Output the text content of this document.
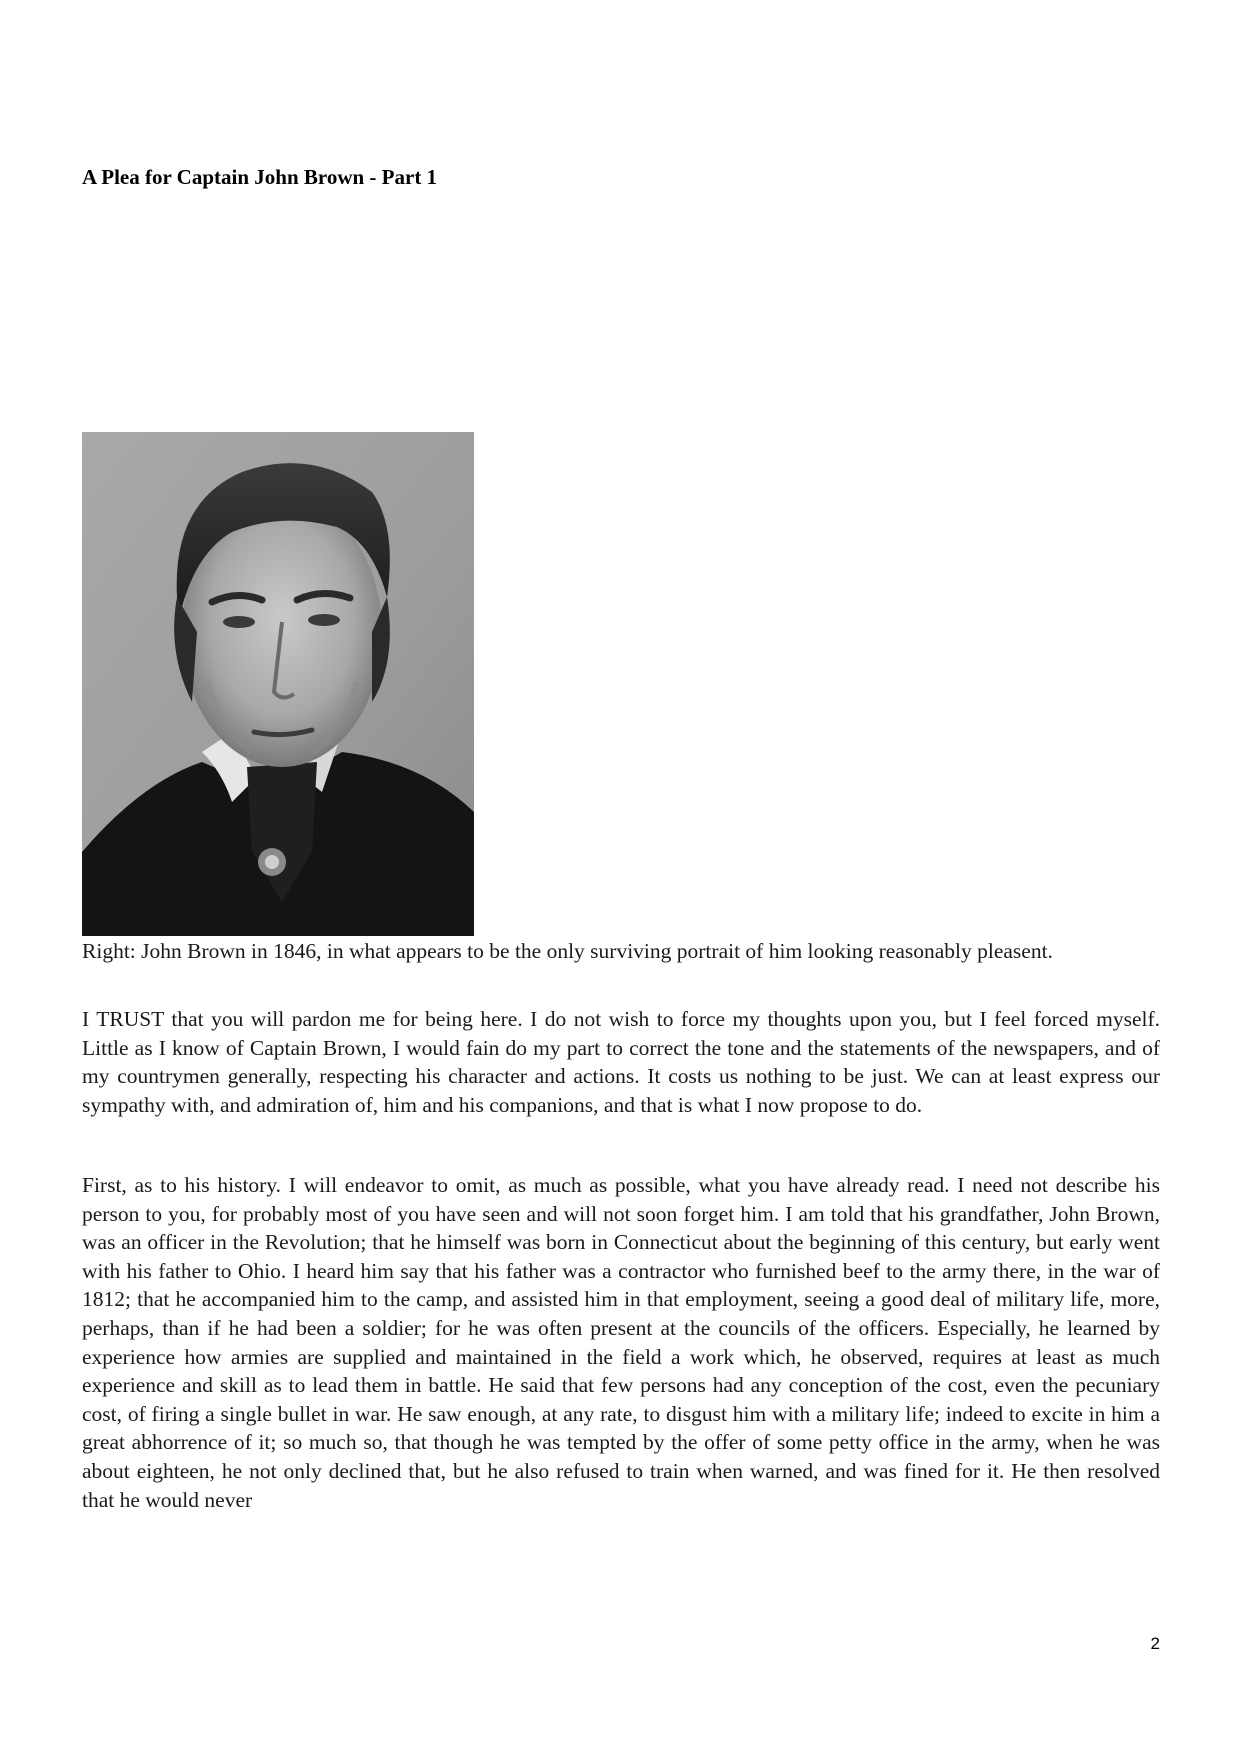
A Plea for Captain John Brown - Part 1

Right: John Brown in 1846, in what appears to be the only surviving portrait of him looking reasonably pleasent.

I TRUST that you will pardon me for being here. I do not wish to force my thoughts upon you, but I feel forced myself. Little as I know of Captain Brown, I would fain do my part to correct the tone and the statements of the newspapers, and of my countrymen generally, respecting his character and actions. It costs us nothing to be just. We can at least express our sympathy with, and admiration of, him and his companions, and that is what I now propose to do.

First, as to his history. I will endeavor to omit, as much as possible, what you have already read. I need not describe his person to you, for probably most of you have seen and will not soon forget him. I am told that his grandfather, John Brown, was an officer in the Revolution; that he himself was born in Connecticut about the beginning of this century, but early went with his father to Ohio. I heard him say that his father was a contractor who furnished beef to the army there, in the war of 1812; that he accompanied him to the camp, and assisted him in that employment, seeing a good deal of military life, more, perhaps, than if he had been a soldier; for he was often present at the councils of the officers. Especially, he learned by experience how armies are supplied and maintained in the field a work which, he observed, requires at least as much experience and skill as to lead them in battle. He said that few persons had any conception of the cost, even the pecuniary cost, of firing a single bullet in war. He saw enough, at any rate, to disgust him with a military life; indeed to excite in him a great abhorrence of it; so much so, that though he was tempted by the offer of some petty office in the army, when he was about eighteen, he not only declined that, but he also refused to train when warned, and was fined for it. He then resolved that he would never

2
